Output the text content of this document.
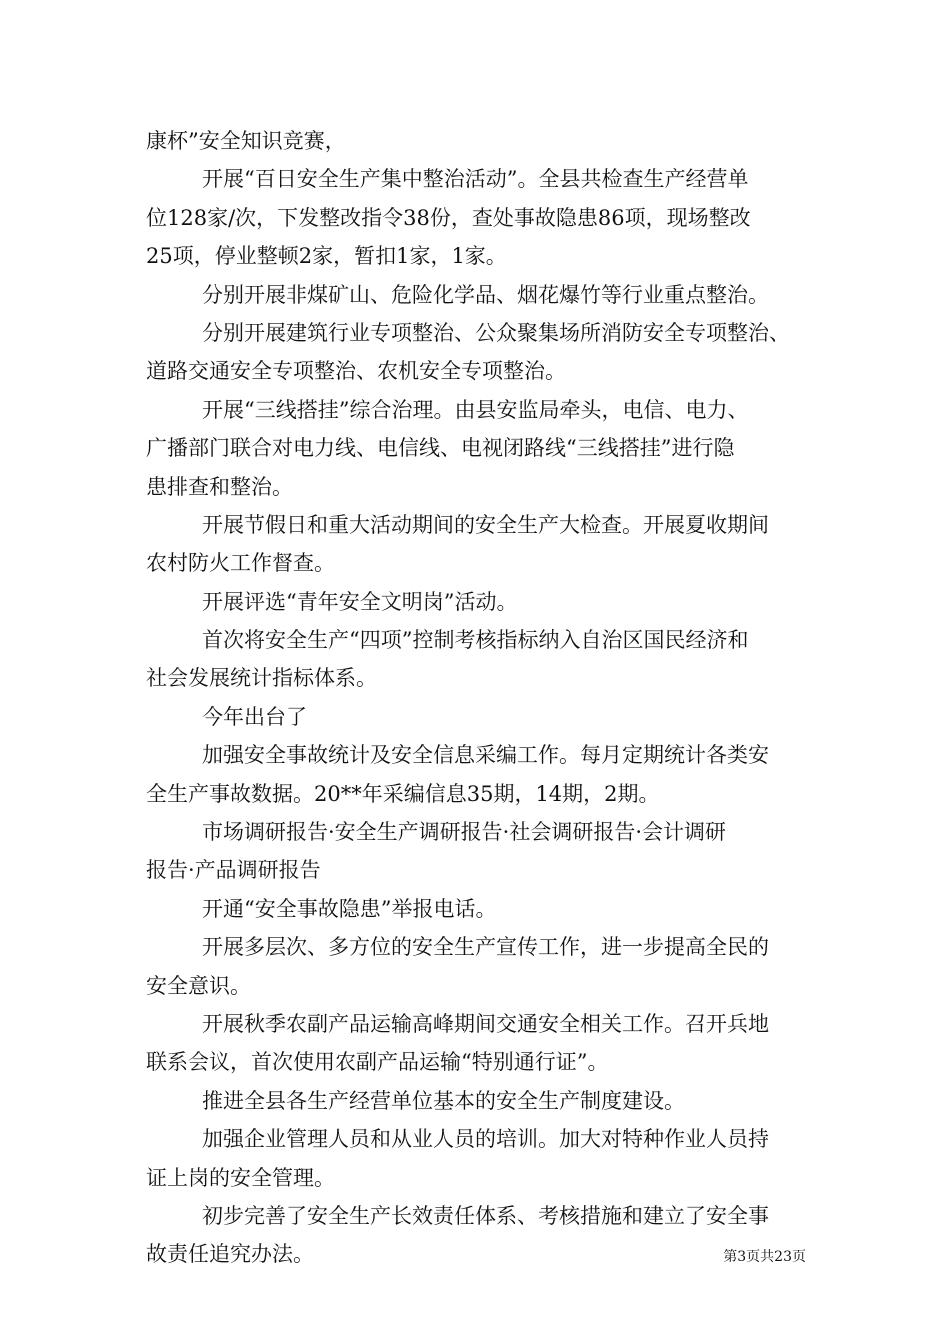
康杯”安全知识竞赛，
开展“百日安全生产集中整治活动”。全县共检查生产经营单
位128家/次，下发整改指令38份，查处事故隐患86项，现场整改
25项，停业整顿2家，暂扣1家，1家。
分别开展非煤矿山、危险化学品、烟花爆竹等行业重点整治。
分别开展建筑行业专项整治、公众聚集场所消防安全专项整治、
道路交通安全专项整治、农机安全专项整治。
开展“三线搭挂”综合治理。由县安监局牵头，电信、电力、
广播部门联合对电力线、电信线、电视闭路线“三线搭挂”进行隐
患排查和整治。
开展节假日和重大活动期间的安全生产大检查。开展夏收期间
农村防火工作督查。
开展评选“青年安全文明岗”活动。
首次将安全生产“四项”控制考核指标纳入自治区国民经济和
社会发展统计指标体系。
今年出台了
加强安全事故统计及安全信息采编工作。每月定期统计各类安
全生产事故数据。20**年采编信息35期，14期，2期。
市场调研报告·安全生产调研报告·社会调研报告·会计调研
报告·产品调研报告
开通“安全事故隐患”举报电话。
开展多层次、多方位的安全生产宣传工作，进一步提高全民的
安全意识。
开展秋季农副产品运输高峰期间交通安全相关工作。召开兵地
联系会议，首次使用农副产品运输“特别通行证”。
推进全县各生产经营单位基本的安全生产制度建设。
加强企业管理人员和从业人员的培训。加大对特种作业人员持
证上岗的安全管理。
初步完善了安全生产长效责任体系、考核措施和建立了安全事
故责任追究办法。	第3页共23页
